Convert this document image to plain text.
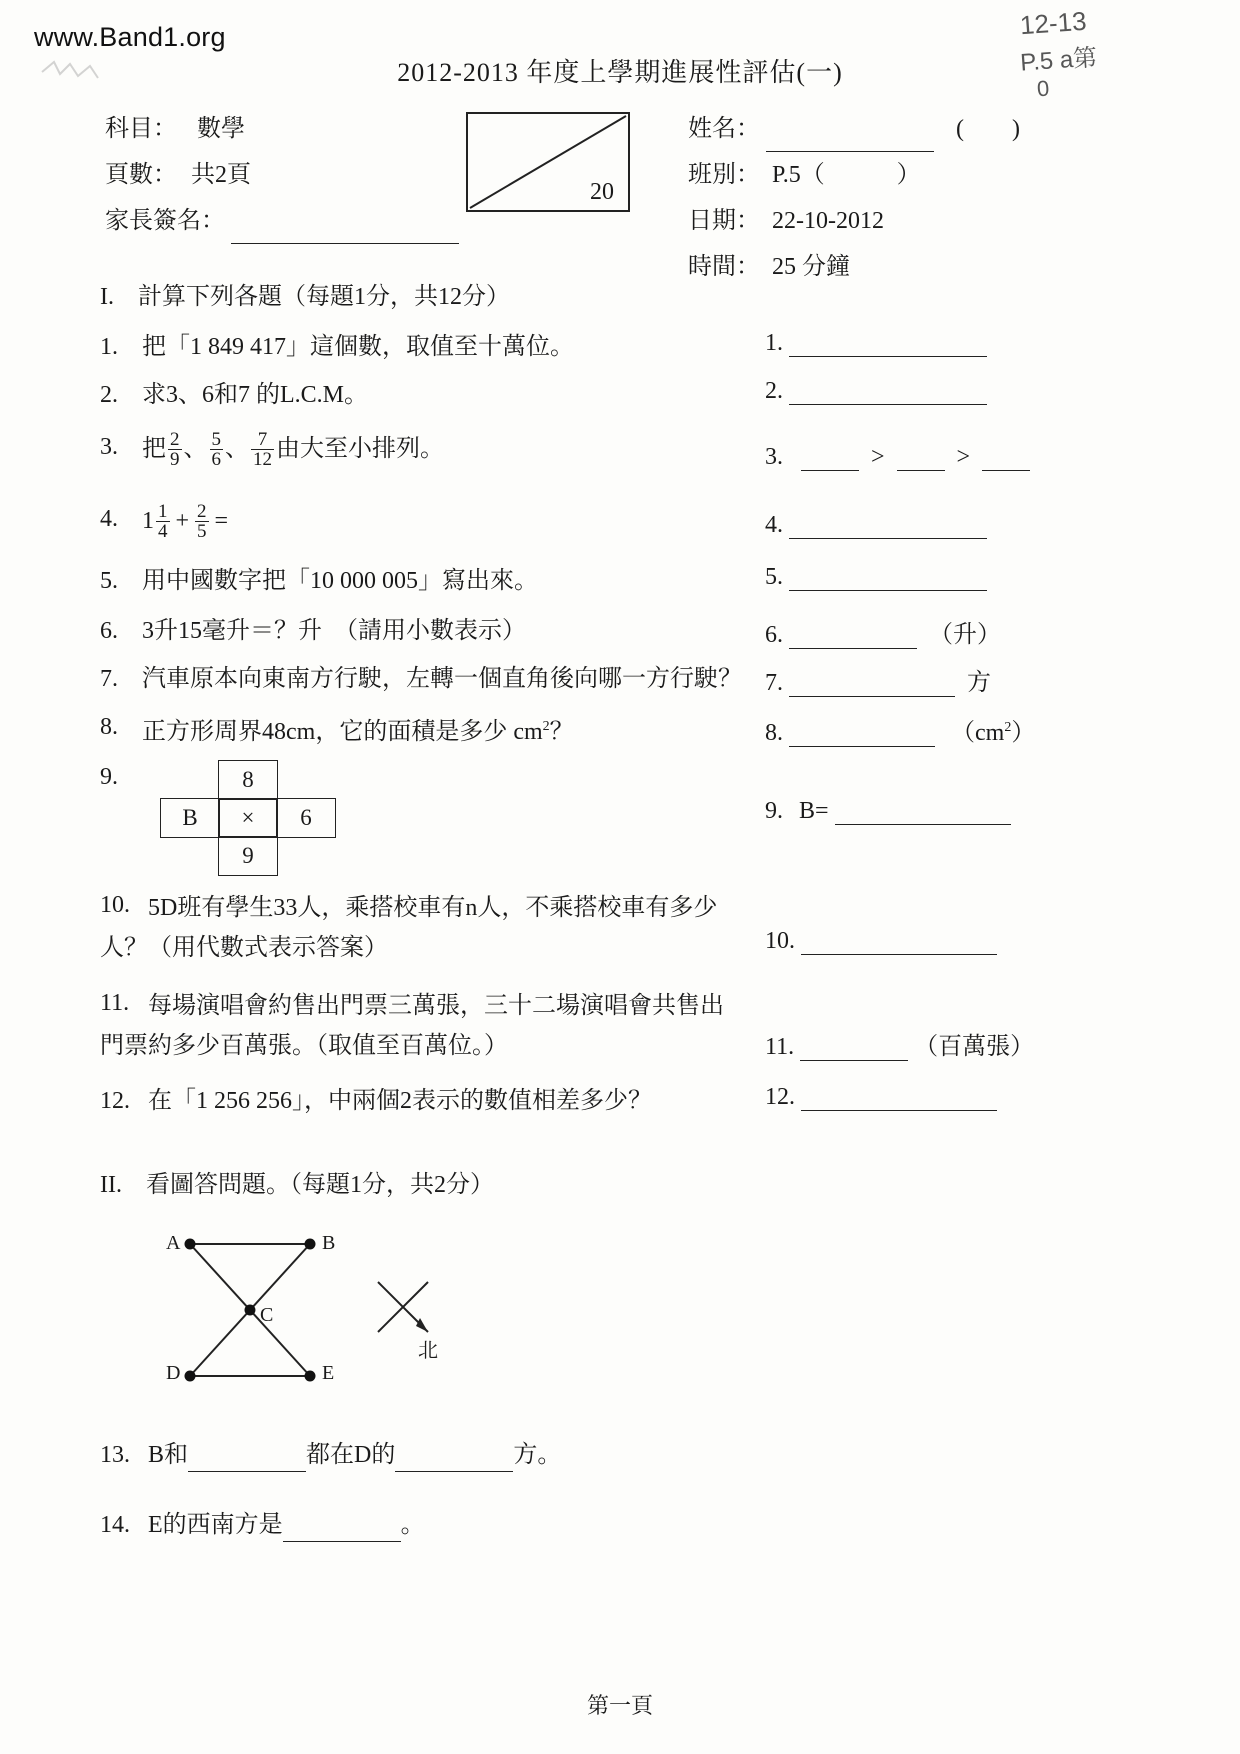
www.Band1.org	12-13
P.5 a第
0
2012-2013 年度上學期進展性評估(一)
科目： 數學
頁數： 共2頁
家長簽名：
20
姓名：	(　　)
班別： P.5（　　　）
日期： 22-10-2012
時間： 25 分鐘
I.　計算下列各題（每題1分，共12分）
1. 把「1 849 417」這個數，取值至十萬位。	1.
2. 求3、6和7 的L.C.M。	2.
3. 把 $\frac{2}{9}$ 、 $\frac{5}{6}$ 、 $\frac{7}{12}$ 由大至小排列。	3.	>	>
4. $1 \frac{1}{4} + \frac{2}{5}$ =	4.
5. 用中國數字把「10 000 005」寫出來。	5.
6. 3升15毫升＝？升　（請用小數表示）	6.	（升）
7. 汽車原本向東南方行駛，左轉一個直角後向哪一方行駛？ 7.	方
8. 正方形周界48cm，它的面積是多少 $cm^2$？	8.	$(cm^2)$
9.	8
B	×	6
9
9. B=
10. 5D班有學生33人，乘搭校車有n人，不乘搭校車有多少人？（用代數式表示答案）	10.
11. 每場演唱會約售出門票三萬張，三十二場演唱會共售出門票約多少百萬張。（取值至百萬位。）	11.	（百萬張）
12. 在「1 256 256」，中兩個2表示的數值相差多少？	12.
II.　看圖答問題。（每題1分，共2分）
A	B
C
D	E
北
13. B和	都在D的	方。
14. E的西南方是	。
第一頁
